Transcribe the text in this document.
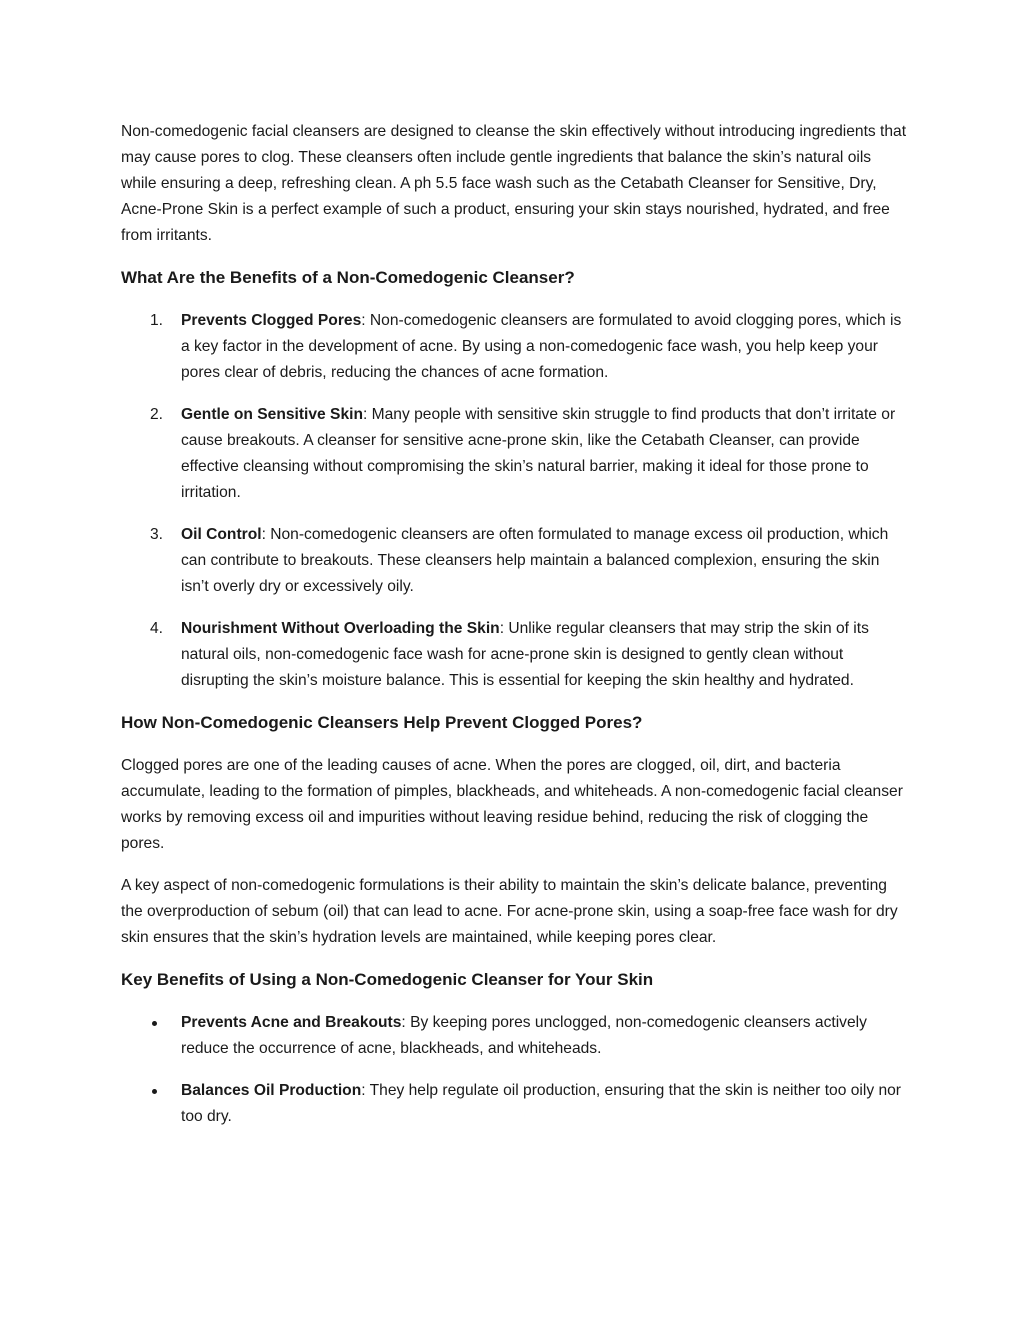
Non-comedogenic facial cleansers are designed to cleanse the skin effectively without introducing ingredients that may cause pores to clog. These cleansers often include gentle ingredients that balance the skin’s natural oils while ensuring a deep, refreshing clean. A ph 5.5 face wash such as the Cetabath Cleanser for Sensitive, Dry, Acne-Prone Skin is a perfect example of such a product, ensuring your skin stays nourished, hydrated, and free from irritants.

What Are the Benefits of a Non-Comedogenic Cleanser?
1.	Prevents Clogged Pores: Non-comedogenic cleansers are formulated to avoid clogging pores, which is a key factor in the development of acne. By using a non-comedogenic face wash, you help keep your pores clear of debris, reducing the chances of acne formation.
2.	Gentle on Sensitive Skin: Many people with sensitive skin struggle to find products that don’t irritate or cause breakouts. A cleanser for sensitive acne-prone skin, like the Cetabath Cleanser, can provide effective cleansing without compromising the skin’s natural barrier, making it ideal for those prone to irritation.
3.	Oil Control: Non-comedogenic cleansers are often formulated to manage excess oil production, which can contribute to breakouts. These cleansers help maintain a balanced complexion, ensuring the skin isn’t overly dry or excessively oily.
4.	Nourishment Without Overloading the Skin: Unlike regular cleansers that may strip the skin of its natural oils, non-comedogenic face wash for acne-prone skin is designed to gently clean without disrupting the skin’s moisture balance. This is essential for keeping the skin healthy and hydrated.
How Non-Comedogenic Cleansers Help Prevent Clogged Pores?

Clogged pores are one of the leading causes of acne. When the pores are clogged, oil, dirt, and bacteria accumulate, leading to the formation of pimples, blackheads, and whiteheads. A non-comedogenic facial cleanser works by removing excess oil and impurities without leaving residue behind, reducing the risk of clogging the pores.

A key aspect of non-comedogenic formulations is their ability to maintain the skin’s delicate balance, preventing the overproduction of sebum (oil) that can lead to acne. For acne-prone skin, using a soap-free face wash for dry skin ensures that the skin’s hydration levels are maintained, while keeping pores clear.

Key Benefits of Using a Non-Comedogenic Cleanser for Your Skin
Prevents Acne and Breakouts: By keeping pores unclogged, non-comedogenic cleansers actively reduce the occurrence of acne, blackheads, and whiteheads.
Balances Oil Production: They help regulate oil production, ensuring that the skin is neither too oily nor too dry.
